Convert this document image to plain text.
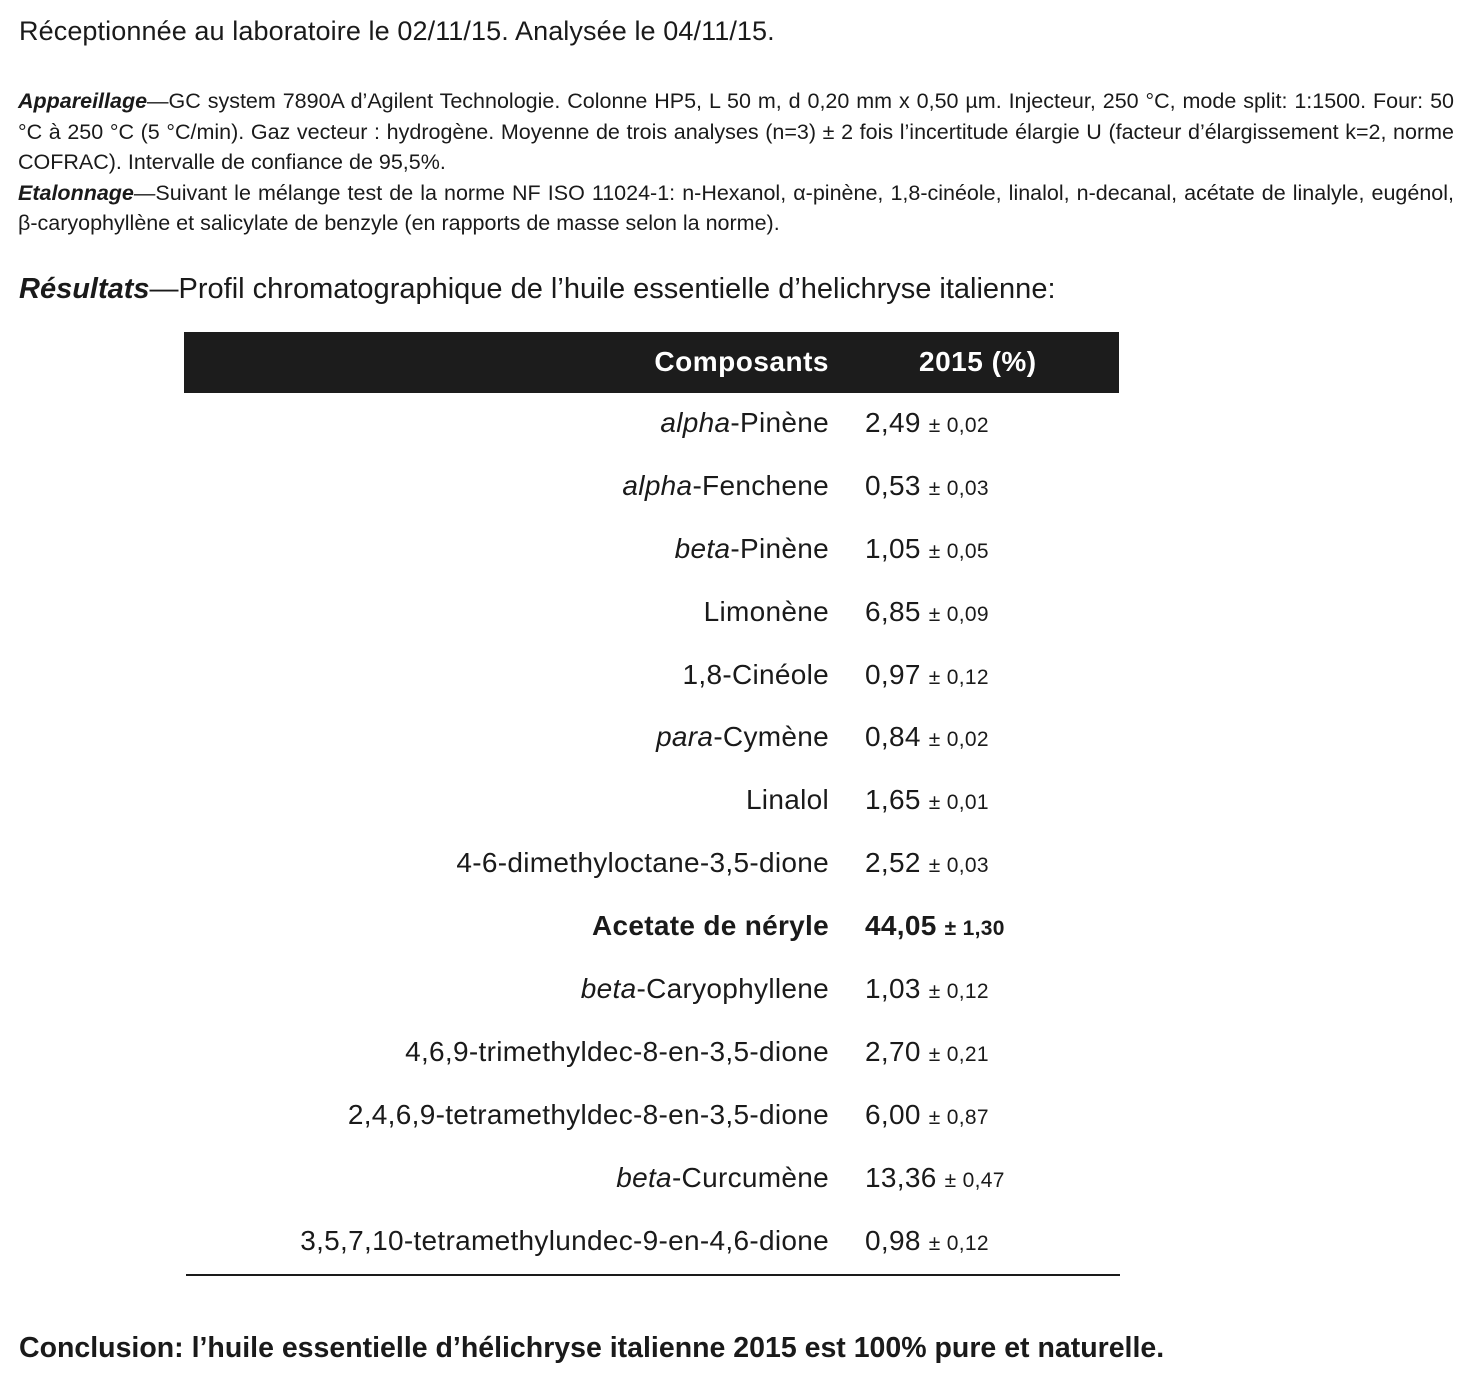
Réceptionnée au laboratoire le 02/11/15. Analysée le 04/11/15.

Appareillage—GC system 7890A d’Agilent Technologie. Colonne HP5, L 50 m, d 0,20 mm x 0,50 µm. Injecteur, 250 °C, mode split: 1:1500. Four: 50 °C à 250 °C (5 °C/min). Gaz vecteur : hydrogène. Moyenne de trois analyses (n=3) ± 2 fois l’incertitude élargie U (facteur d’élargissement k=2, norme COFRAC). Intervalle de confiance de 95,5%.

Etalonnage—Suivant le mélange test de la norme NF ISO 11024-1: n-Hexanol, α-pinène, 1,8-cinéole, linalol, n-decanal, acétate de linalyle, eugénol, β-caryophyllène et salicylate de benzyle (en rapports de masse selon la norme).

Résultats—Profil chromatographique de l’huile essentielle d’helichryse italienne:
Composants	2015 (%)
alpha-Pinène 2,49 ± 0,02
alpha-Fenchene 0,53 ± 0,03
beta-Pinène 1,05 ± 0,05
Limonène 6,85 ± 0,09
1,8-Cinéole 0,97 ± 0,12
para-Cymène 0,84 ± 0,02
Linalol 1,65 ± 0,01
4-6-dimethyloctane-3,5-dione 2,52 ± 0,03
Acetate de néryle 44,05 ± 1,30
beta-Caryophyllene 1,03 ± 0,12
4,6,9-trimethyldec-8-en-3,5-dione 2,70 ± 0,21
2,4,6,9-tetramethyldec-8-en-3,5-dione 6,00 ± 0,87
beta-Curcumène 13,36 ± 0,47
3,5,7,10-tetramethylundec-9-en-4,6-dione 0,98 ± 0,12
Conclusion: l’huile essentielle d’hélichryse italienne 2015 est 100% pure et naturelle.
